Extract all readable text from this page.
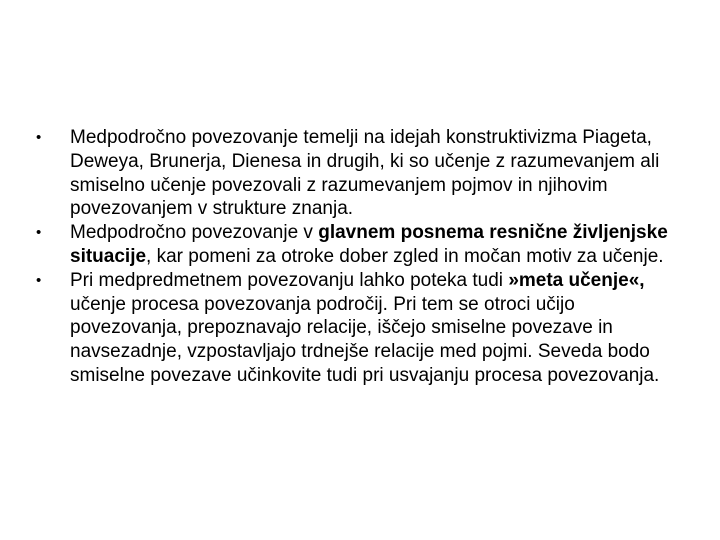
•	Medpodročno povezovanje temelji na idejah konstruktivizma Piageta, Deweya, Brunerja, Dienesa in drugih, ki so učenje z razumevanjem ali smiselno učenje povezovali z razumevanjem pojmov in njihovim povezovanjem v strukture znanja.
•	Medpodročno povezovanje v glavnem posnema resnične življenjske situacije, kar pomeni za otroke dober zgled in močan motiv za učenje.
•	Pri medpredmetnem povezovanju lahko poteka tudi »meta učenje«, učenje procesa povezovanja področij. Pri tem se otroci učijo povezovanja, prepoznavajo relacije, iščejo smiselne povezave in navsezadnje, vzpostavljajo trdnejše relacije med pojmi. Seveda bodo smiselne povezave učinkovite tudi pri usvajanju procesa povezovanja.
